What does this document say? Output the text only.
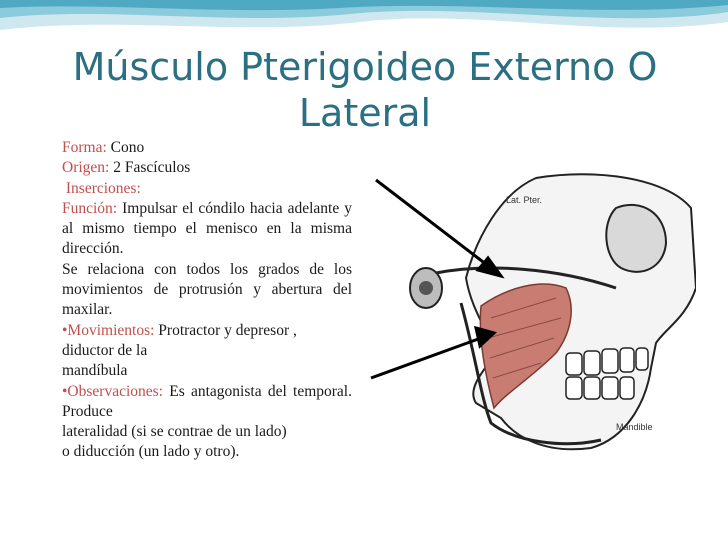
Músculo Pterigoideo Externo O Lateral

Forma: Cono

Origen: 2 Fascículos

Inserciones:

Función: Impulsar el cóndilo hacia adelante y al mismo tiempo el menisco en la misma dirección.

Se relaciona con todos los grados de los movimientos de protrusión y abertura del maxilar.

•Movimientos: Protractor y depresor , diductor de la

mandíbula

•Observaciones: Es antagonista del temporal. Produce

lateralidad (si se contrae de un lado)

o diducción (un lado y otro).

Lat. Pter.
Mandible
